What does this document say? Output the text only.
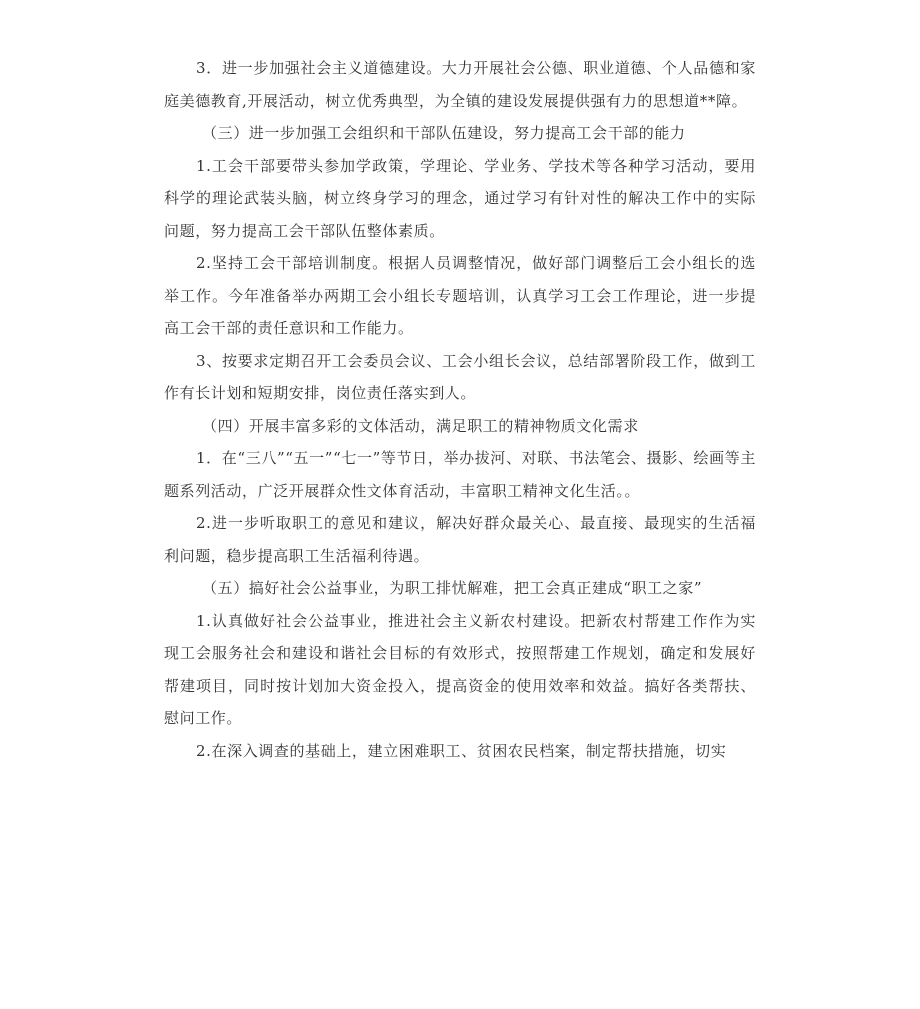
3．进一步加强社会主义道德建设。大力开展社会公德、职业道德、个人品德和家庭美德教育,开展活动，树立优秀典型，为全镇的建设发展提供强有力的思想道**障。

（三）进一步加强工会组织和干部队伍建设，努力提高工会干部的能力

1.工会干部要带头参加学政策，学理论、学业务、学技术等各种学习活动，要用科学的理论武装头脑，树立终身学习的理念，通过学习有针对性的解决工作中的实际问题，努力提高工会干部队伍整体素质。

2.坚持工会干部培训制度。根据人员调整情况，做好部门调整后工会小组长的选举工作。今年准备举办两期工会小组长专题培训，认真学习工会工作理论，进一步提高工会干部的责任意识和工作能力。

3、按要求定期召开工会委员会议、工会小组长会议，总结部署阶段工作，做到工作有长计划和短期安排，岗位责任落实到人。

（四）开展丰富多彩的文体活动，满足职工的精神物质文化需求

1．在“三八”“五一”“七一”等节日，举办拔河、对联、书法笔会、摄影、绘画等主题系列活动，广泛开展群众性文体育活动，丰富职工精神文化生活。。

2.进一步听取职工的意见和建议，解决好群众最关心、最直接、最现实的生活福利问题，稳步提高职工生活福利待遇。

（五）搞好社会公益事业，为职工排忧解难，把工会真正建成“职工之家”

1.认真做好社会公益事业，推进社会主义新农村建设。把新农村帮建工作作为实现工会服务社会和建设和谐社会目标的有效形式，按照帮建工作规划，确定和发展好帮建项目，同时按计划加大资金投入，提高资金的使用效率和效益。搞好各类帮扶、慰问工作。

2.在深入调查的基础上，建立困难职工、贫困农民档案，制定帮扶措施，切实
